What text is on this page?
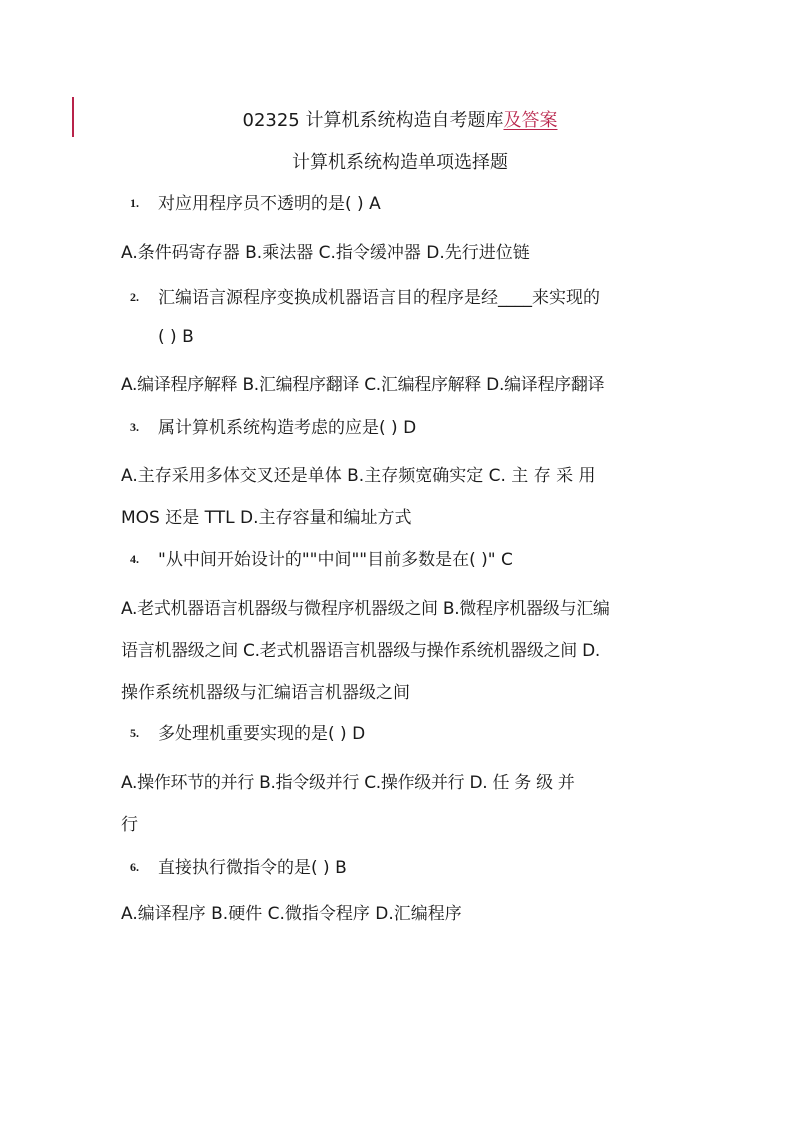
02325 计算机系统构造自考题库及答案
计算机系统构造单项选择题
1. 对应用程序员不透明的是( ) A
A.条件码寄存器 B.乘法器 C.指令缓冲器 D.先行进位链
2. 汇编语言源程序变换成机器语言目的程序是经____来实现的
( ) B
A.编译程序解释 B.汇编程序翻译 C.汇编程序解释 D.编译程序翻译
3. 属计算机系统构造考虑的应是( ) D
A.主存采用多体交叉还是单体 B.主存频宽确实定 C. 主 存 采 用
MOS 还是 TTL D.主存容量和编址方式
4. "从中间开始设计的""中间""目前多数是在( )" C
A.老式机器语言机器级与微程序机器级之间 B.微程序机器级与汇编
语言机器级之间 C.老式机器语言机器级与操作系统机器级之间 D.
操作系统机器级与汇编语言机器级之间
5. 多处理机重要实现的是( ) D
A.操作环节的并行 B.指令级并行 C.操作级并行 D. 任 务 级 并
行
6. 直接执行微指令的是( ) B
A.编译程序 B.硬件 C.微指令程序 D.汇编程序
